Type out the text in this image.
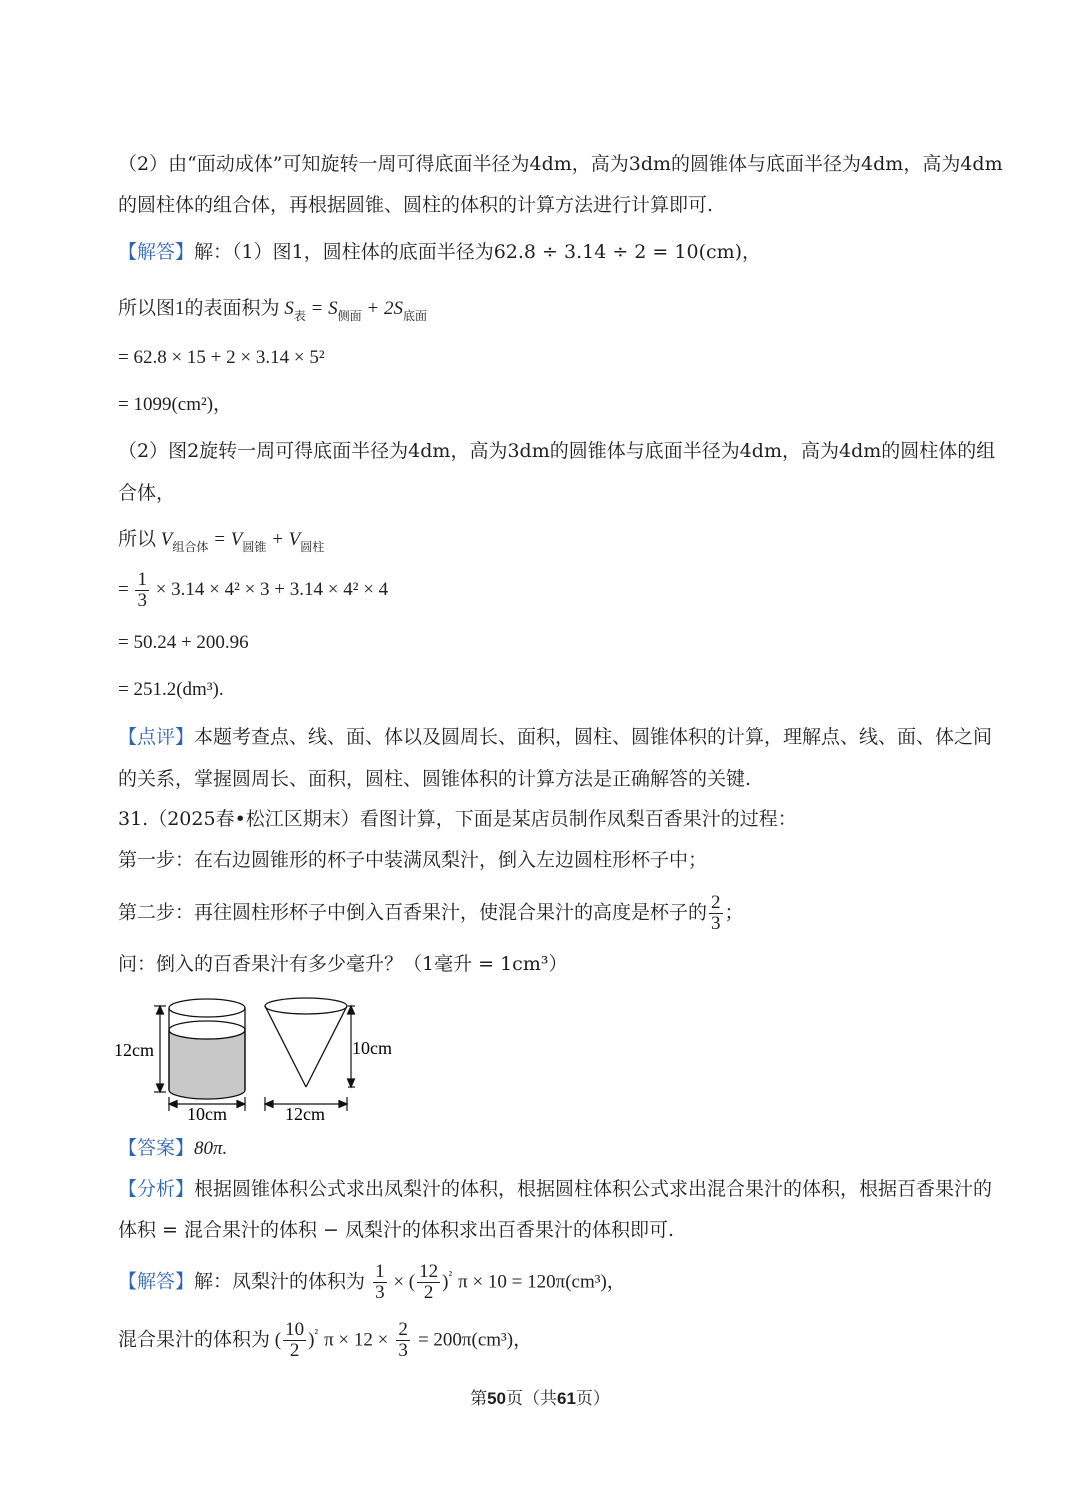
（2）由“面动成体”可知旋转一周可得底面半径为4dm，高为3dm的圆锥体与底面半径为4dm，高为4dm
的圆柱体的组合体，再根据圆锥、圆柱的体积的计算方法进行计算即可.
【解答】解：（1）图1，圆柱体的底面半径为62.8 ÷ 3.14 ÷ 2 = 10(cm)，
所以图1的表面积为 $S_表 = S_{侧面} + 2S_{底面}$
= 62.8 × 15 + 2 × 3.14 × 5²
= 1099(cm²)，
（2）图2旋转一周可得底面半径为4dm，高为3dm的圆锥体与底面半径为4dm，高为4dm的圆柱体的组
合体，
所以 $V_{组合体} = V_{圆锥} + V_{圆柱}$
= $\frac{1}{3} \times 3.14 \times 4^2 \times 3 + 3.14 \times 4^2 \times 4$
= 50.24 + 200.96
= 251.2(dm³).
【点评】本题考查点、线、面、体以及圆周长、面积，圆柱、圆锥体积的计算，理解点、线、面、体之间
的关系，掌握圆周长、面积，圆柱、圆锥体积的计算方法是正确解答的关键.
31.（2025春•松江区期末）看图计算，下面是某店员制作凤梨百香果汁的过程：
第一步：在右边圆锥形的杯子中装满凤梨汁，倒入左边圆柱形杯子中；
第二步：再往圆柱形杯子中倒入百香果汁，使混合果汁的高度是杯子的 $\frac{2}{3}$ ；
问：倒入的百香果汁有多少毫升？（1毫升 = 1cm³）
12cm
10cm
10cm
12cm
【答案】80π.
【分析】根据圆锥体积公式求出凤梨汁的体积，根据圆柱体积公式求出混合果汁的体积，根据百香果汁的
体积 = 混合果汁的体积 − 凤梨汁的体积求出百香果汁的体积即可.
【解答】解：凤梨汁的体积为 $\frac{1}{3}$ × ( $\frac{12}{2} )^{^2}$ π × 10 = 120π(cm³)，
混合果汁的体积为 ( $\frac{10}{2} )^{^2}$ $\pi \times 12 \times \frac{2}{3} = 200\pi(cm^3)$，
第50页（共61页）
